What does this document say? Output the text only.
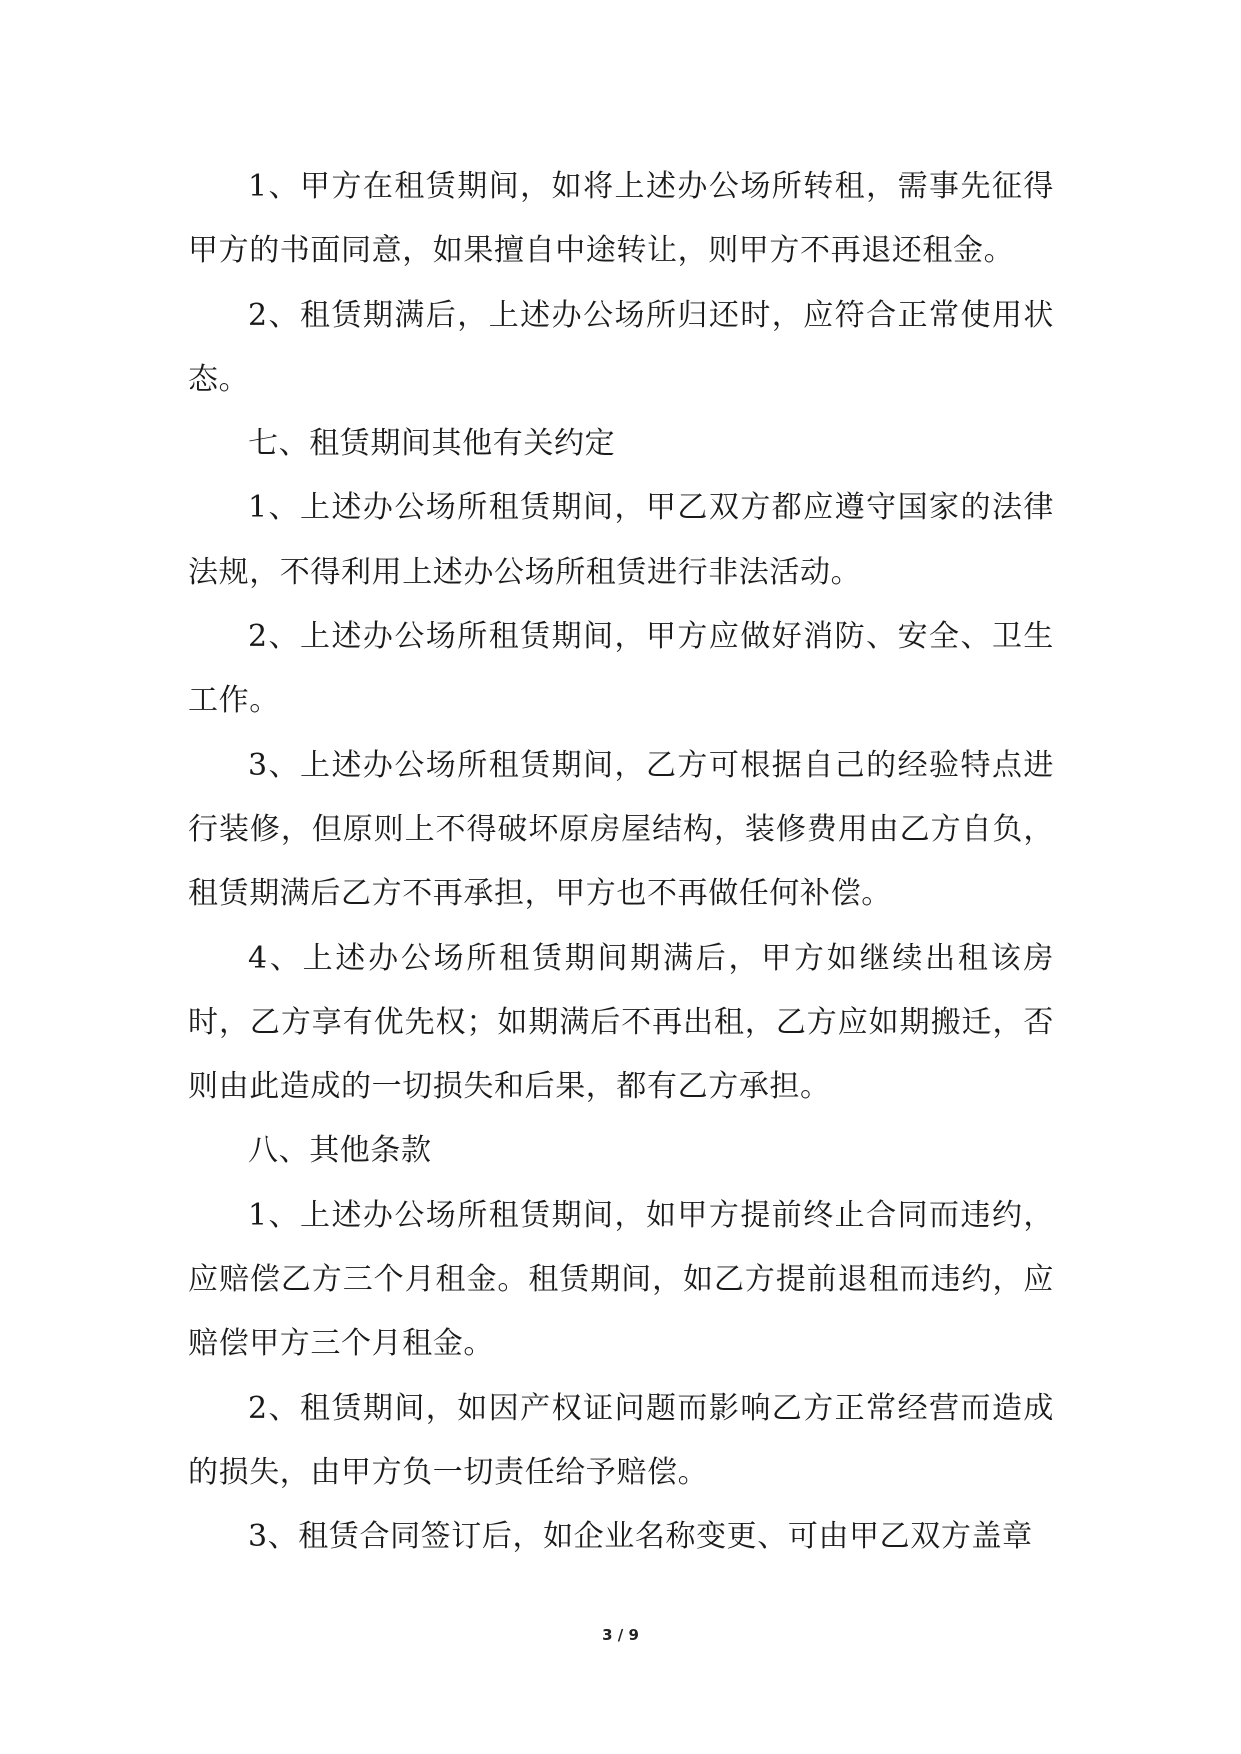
1、甲方在租赁期间，如将上述办公场所转租，需事先征得甲方的书面同意，如果擅自中途转让，则甲方不再退还租金。

2、租赁期满后，上述办公场所归还时，应符合正常使用状态。

七、租赁期间其他有关约定

1、上述办公场所租赁期间，甲乙双方都应遵守国家的法律法规，不得利用上述办公场所租赁进行非法活动。

2、上述办公场所租赁期间，甲方应做好消防、安全、卫生工作。

3、上述办公场所租赁期间，乙方可根据自己的经验特点进行装修，但原则上不得破坏原房屋结构，装修费用由乙方自负，租赁期满后乙方不再承担，甲方也不再做任何补偿。

4、上述办公场所租赁期间期满后，甲方如继续出租该房时，乙方享有优先权；如期满后不再出租，乙方应如期搬迁，否则由此造成的一切损失和后果，都有乙方承担。

八、其他条款

1、上述办公场所租赁期间，如甲方提前终止合同而违约，应赔偿乙方三个月租金。租赁期间，如乙方提前退租而违约，应赔偿甲方三个月租金。

2、租赁期间，如因产权证问题而影响乙方正常经营而造成的损失，由甲方负一切责任给予赔偿。

3、租赁合同签订后，如企业名称变更、可由甲乙双方盖章

3 / 9
